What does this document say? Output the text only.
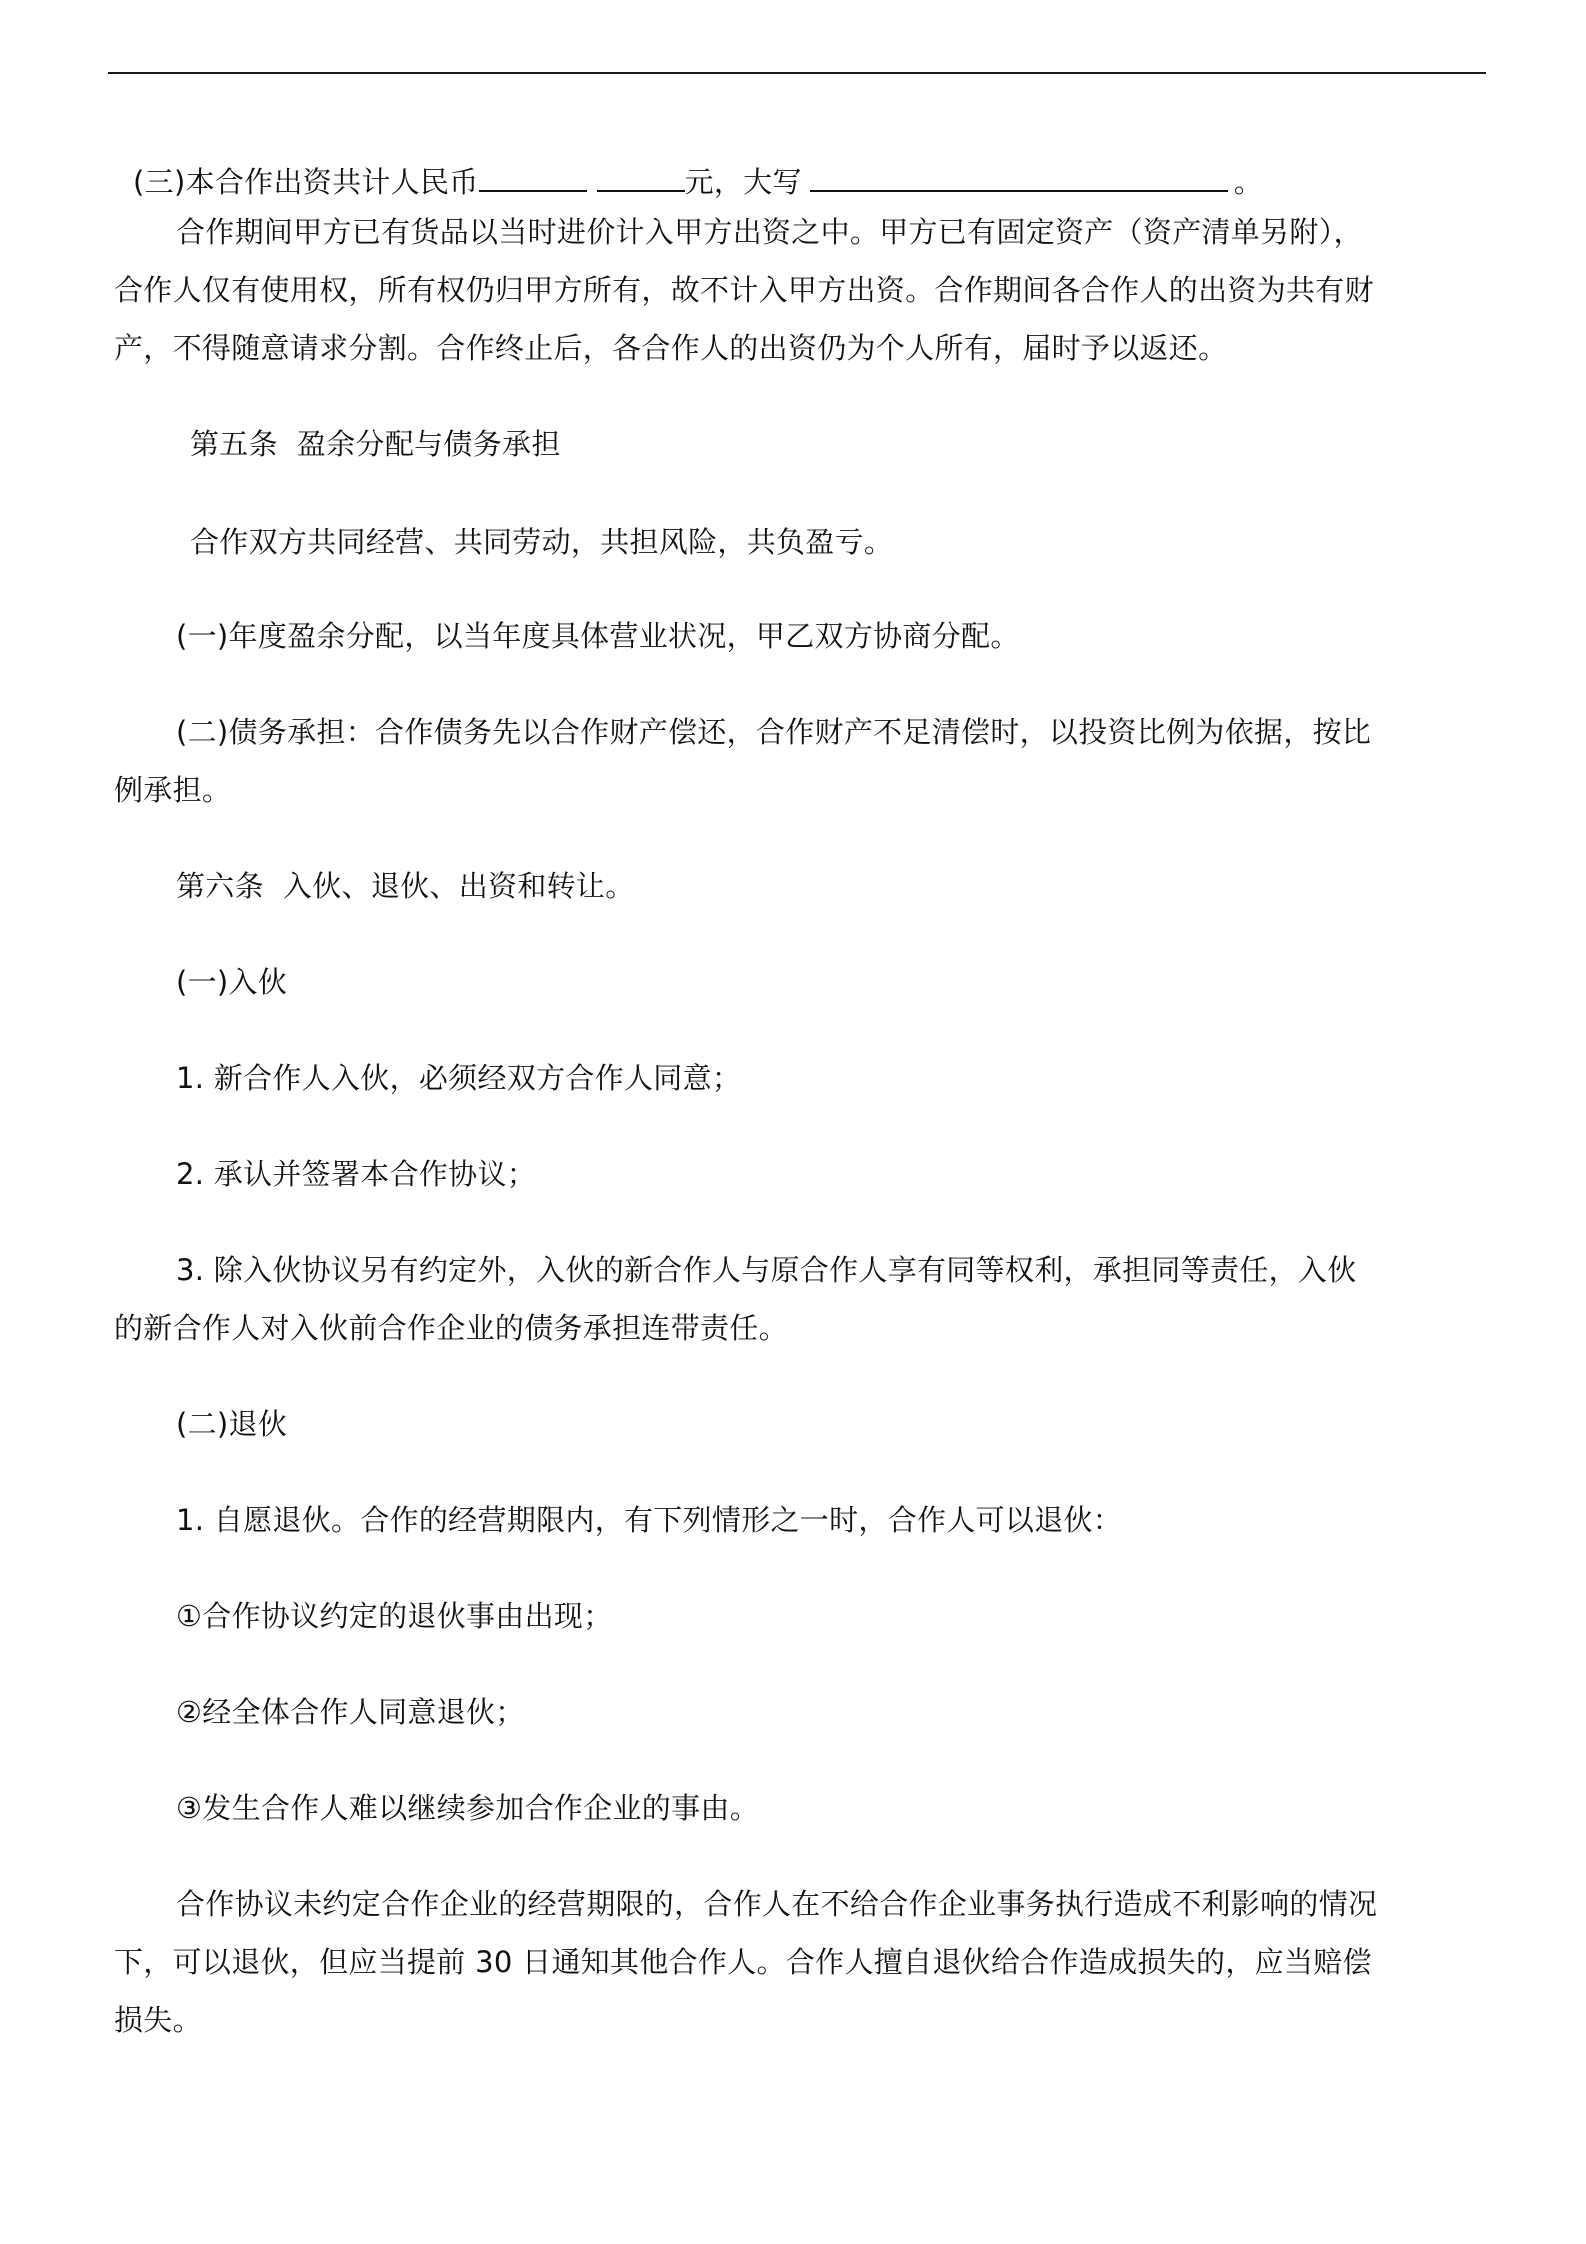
(三)本合作出资共计人民币	元，大写	。

合作期间甲方已有货品以当时进价计入甲方出资之中。甲方已有固定资产（资产清单另附），
合作人仅有使用权，所有权仍归甲方所有，故不计入甲方出资。合作期间各合作人的出资为共有财
产，不得随意请求分割。合作终止后，各合作人的出资仍为个人所有，届时予以返还。
第五条  盈余分配与债务承担
合作双方共同经营、共同劳动，共担风险，共负盈亏。
(一)年度盈余分配，以当年度具体营业状况，甲乙双方协商分配。
(二)债务承担：合作债务先以合作财产偿还，合作财产不足清偿时，以投资比例为依据，按比
例承担。
第六条  入伙、退伙、出资和转让。
(一)入伙
1. 新合作人入伙，必须经双方合作人同意；
2. 承认并签署本合作协议；
3. 除入伙协议另有约定外，入伙的新合作人与原合作人享有同等权利，承担同等责任，入伙
的新合作人对入伙前合作企业的债务承担连带责任。
(二)退伙
1. 自愿退伙。合作的经营期限内，有下列情形之一时，合作人可以退伙：
①合作协议约定的退伙事由出现；
②经全体合作人同意退伙；
③发生合作人难以继续参加合作企业的事由。
合作协议未约定合作企业的经营期限的，合作人在不给合作企业事务执行造成不利影响的情况
下，可以退伙，但应当提前 30 日通知其他合作人。合作人擅自退伙给合作造成损失的，应当赔偿
损失。
